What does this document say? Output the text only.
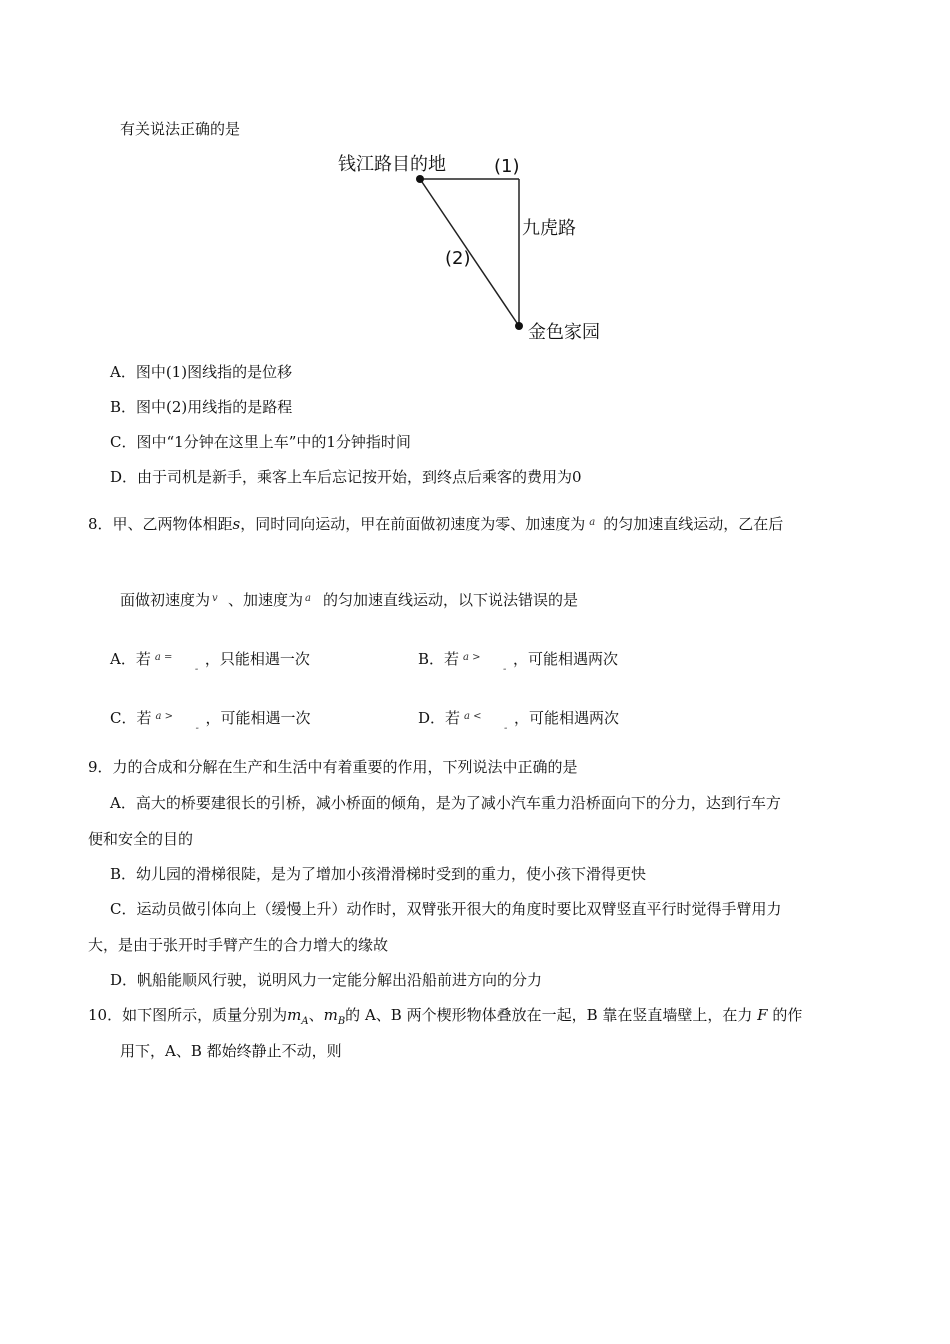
有关说法正确的是
钱江路目的地	(1)
九虎路
(2)
金色家园
A．图中(1)图线指的是位移
B．图中(2)用线指的是路程
C．图中“1分钟在这里上车”中的1分钟指时间
D．由于司机是新手，乘客上车后忘记按开始，到终点后乘客的费用为0
8．甲、乙两物体相距s，同时同向运动，甲在前面做初速度为零、加速度为 a 的匀加速直线运动，乙在后
面做初速度为 v 、加速度为 a 的匀加速直线运动，以下说法错误的是
A．若 a =
-
，只能相遇一次	B．若 a >
-
，可能相遇两次
C．若 a >
-
，可能相遇一次	D．若 a <
-
，可能相遇两次
9．力的合成和分解在生产和生活中有着重要的作用，下列说法中正确的是
A．高大的桥要建很长的引桥，减小桥面的倾角，是为了减小汽车重力沿桥面向下的分力，达到行车方
便和安全的目的
B．幼儿园的滑梯很陡，是为了增加小孩滑滑梯时受到的重力，使小孩下滑得更快
C．运动员做引体向上（缓慢上升）动作时，双臂张开很大的角度时要比双臂竖直平行时觉得手臂用力
大，是由于张开时手臂产生的合力增大的缘故
D．帆船能顺风行驶，说明风力一定能分解出沿船前进方向的分力
10．如下图所示，质量分别为$m_A$、$m_B$的 A、B 两个楔形物体叠放在一起，B 靠在竖直墙壁上，在力 F 的作
用下，A、B 都始终静止不动，则
